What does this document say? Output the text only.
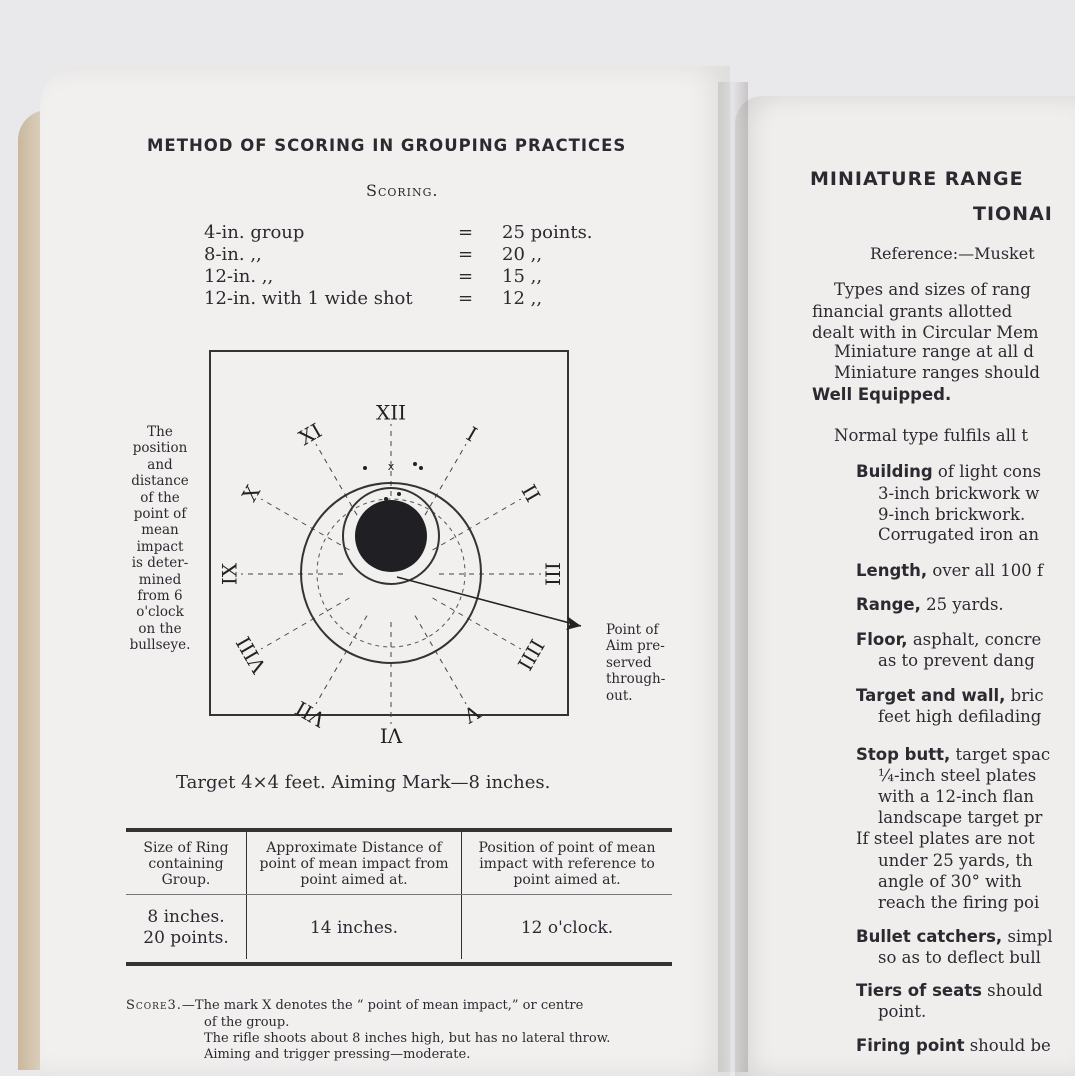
METHOD OF SCORING IN GROUPING PRACTICES
Scoring.
4-in. group	= 25 points.
8-in. ,,	= 20 ,,
12-in. ,,	= 15 ,,
12-in. with 1 wide shot	= 12 ,,
x
XII
I
II
III
IIII
V
VI
VII
VIII
IX
X
XI
The
position
and
distance
of the
point of
mean
impact
is deter-
mined
from 6
o'clock
on the
bullseye.
Point of
Aim pre-
served
through-
out.
Target 4×4 feet. Aiming Mark—8 inches.
Size of Ring
containing
Group.	Approximate Distance of
point of mean impact from
point aimed at.	Position of point of mean
impact with reference to
point aimed at.
8 inches.
20 points.	14 inches.	12 o'clock.
Score3.—The mark X denotes the “ point of mean impact,” or centre
of the group.
The rifle shoots about 8 inches high, but has no lateral throw.
Aiming and trigger pressing—moderate.
MINIATURE RANGE
TIONAI
Reference:—Musket
Types and sizes of rang
financial grants allotted
dealt with in Circular Mem
Miniature range at all d
Miniature ranges should
Well Equipped.
Normal type fulfils all t
Building of light cons
3-inch brickwork w
9-inch brickwork.
Corrugated iron an
Length, over all 100 f
Range, 25 yards.
Floor, asphalt, concre
as to prevent dang
Target and wall, bric
feet high defilading
Stop butt, target spac
¼-inch steel plates
with a 12-inch flan
landscape target pr
If steel plates are not
under 25 yards, th
angle of 30° with
reach the firing poi
Bullet catchers, simpl
so as to deflect bull
Tiers of seats should
point.
Firing point should be
